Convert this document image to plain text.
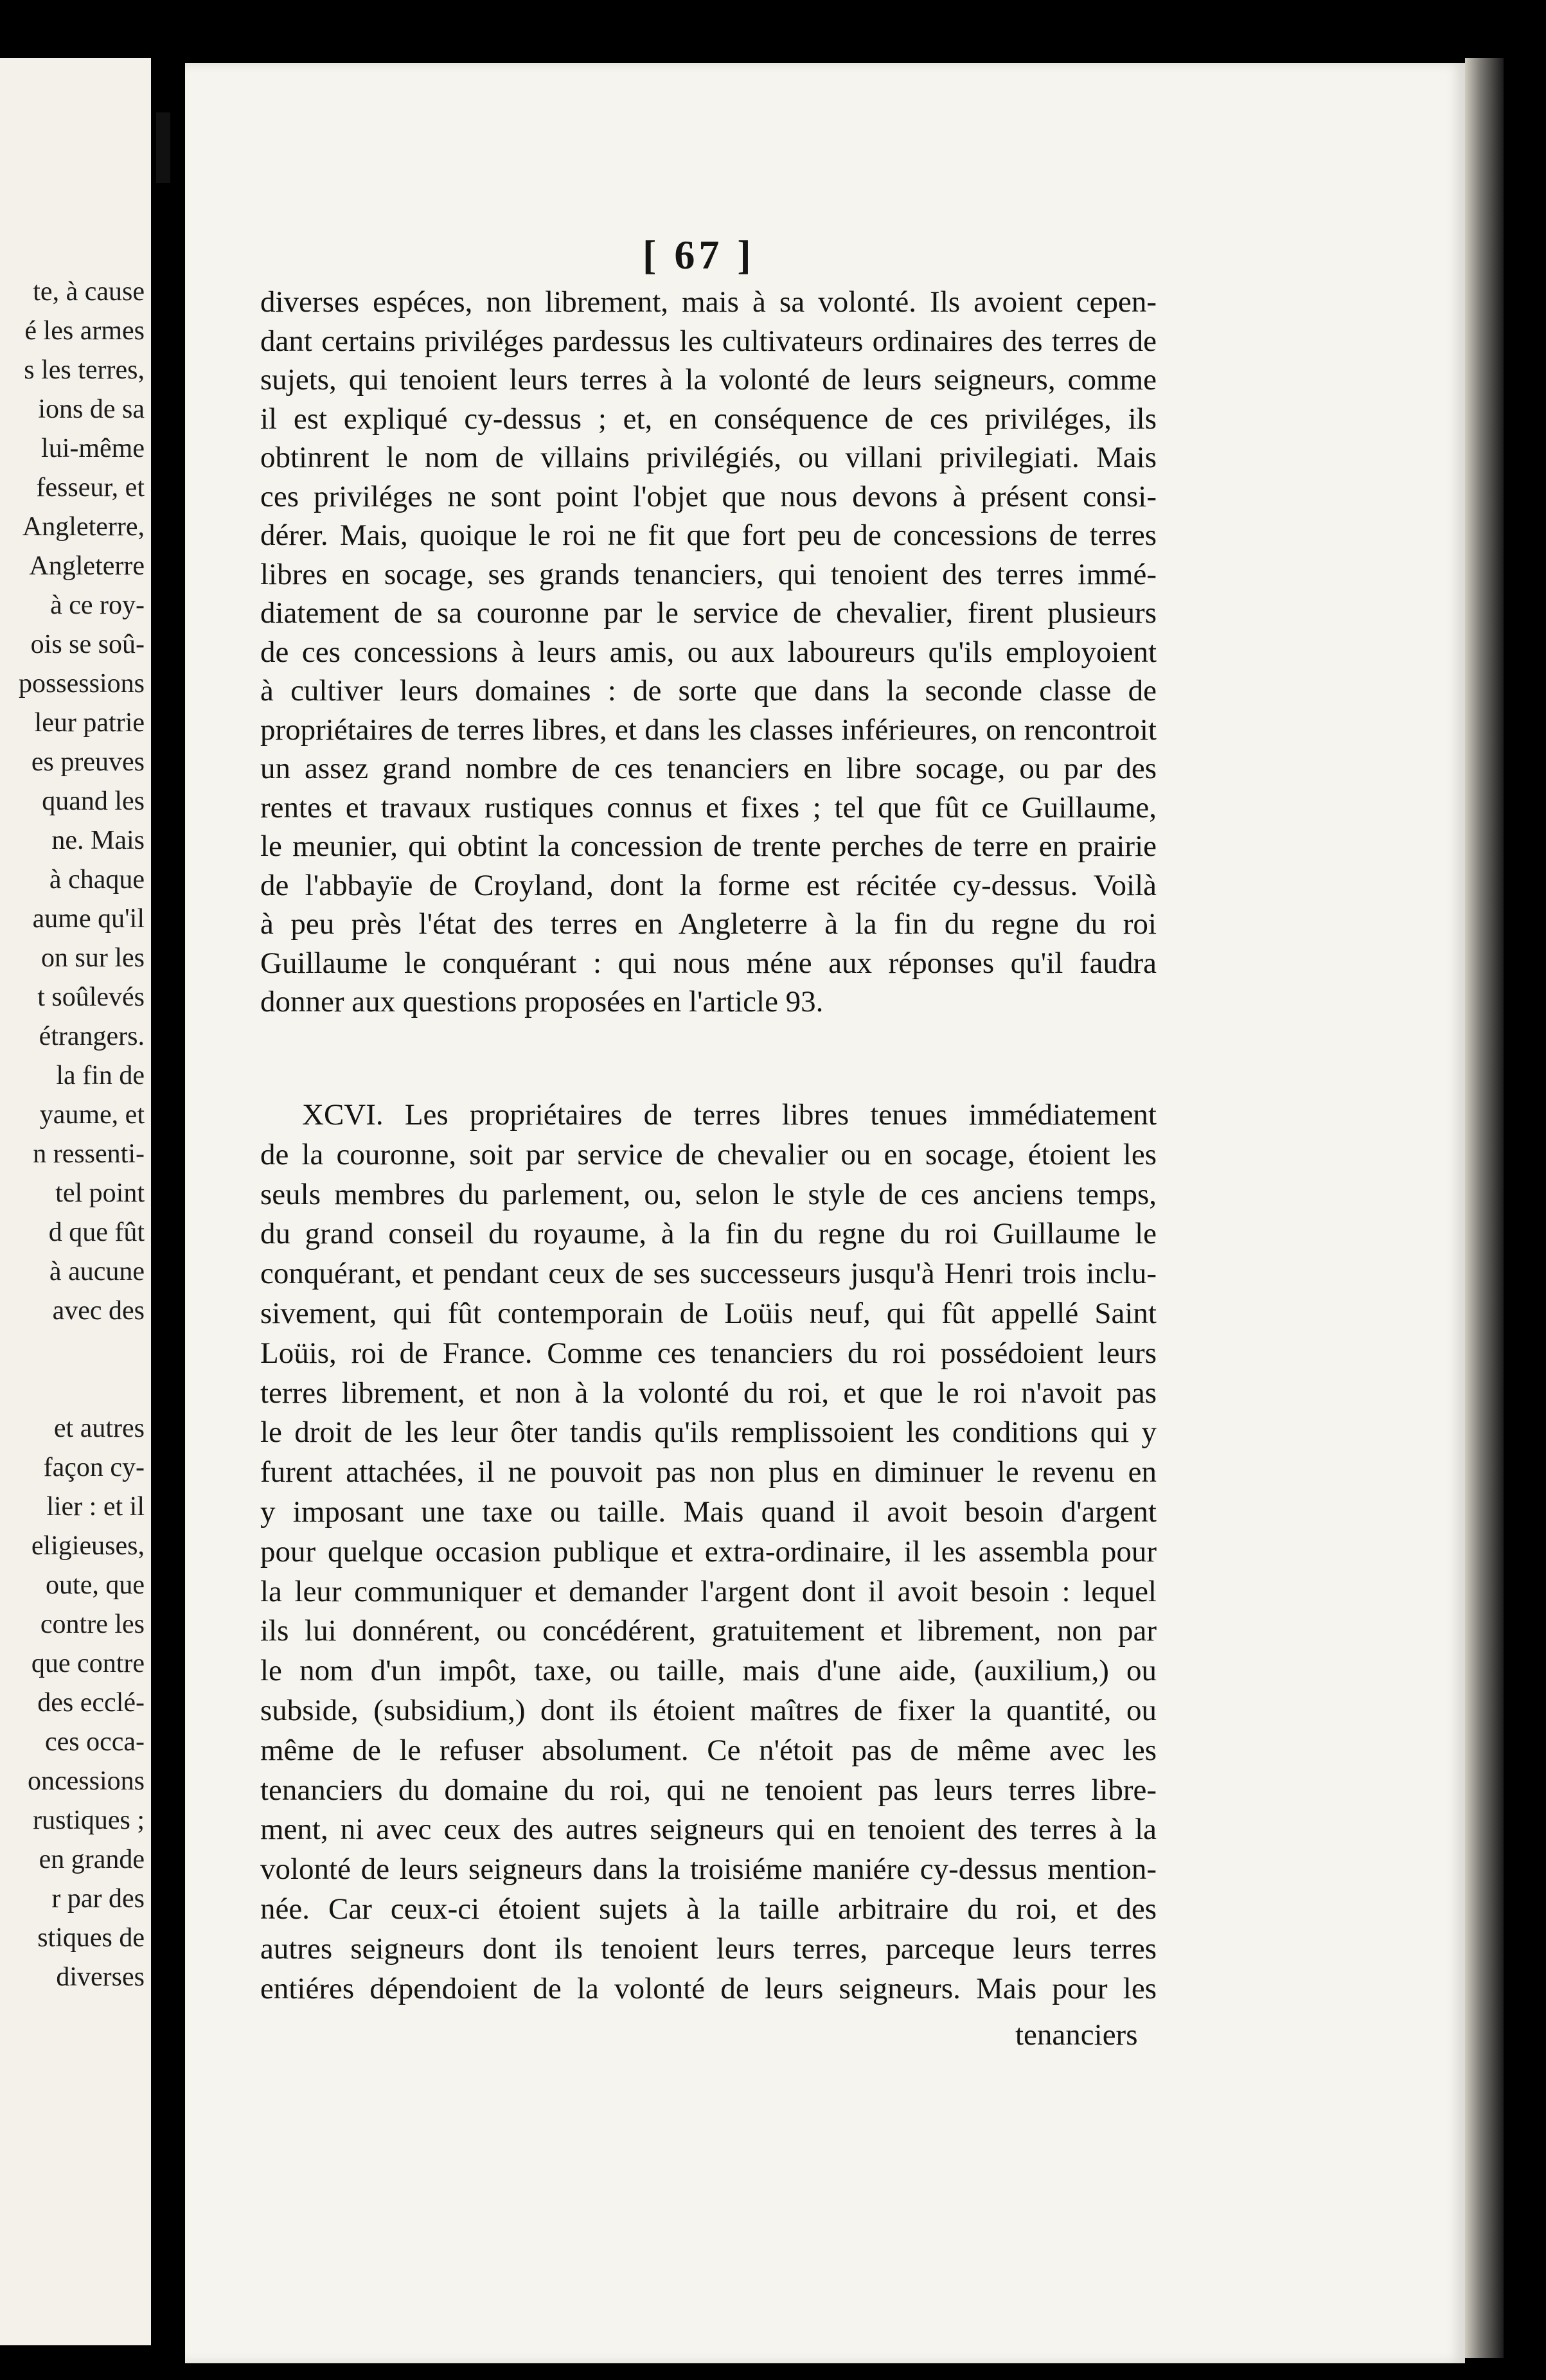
te, à cause
é les armes
s les terres,
ions de sa
lui-même
fesseur, et
Angleterre,
Angleterre
à ce roy-
ois se soû-
possessions
leur patrie
es preuves
quand les
ne. Mais
à chaque
aume qu'il
on sur les
t soûlevés
étrangers.
la fin de
yaume, et
n ressenti-
tel point
d que fût
à aucune
avec des
et autres
façon cy-
lier : et il
eligieuses,
oute, que
contre les
que contre
des ecclé-
ces occa-
oncessions
rustiques ;
en grande
r par des
stiques de
diverses
[ 67 ]
diverses espéces, non librement, mais à sa volonté. Ils avoient cepen-
dant certains priviléges pardessus les cultivateurs ordinaires des terres de
sujets, qui tenoient leurs terres à la volonté de leurs seigneurs, comme
il est expliqué cy-dessus ; et, en conséquence de ces priviléges, ils
obtinrent le nom de villains privilégiés, ou villani privilegiati. Mais
ces priviléges ne sont point l'objet que nous devons à présent consi-
dérer. Mais, quoique le roi ne fit que fort peu de concessions de terres
libres en socage, ses grands tenanciers, qui tenoient des terres immé-
diatement de sa couronne par le service de chevalier, firent plusieurs
de ces concessions à leurs amis, ou aux laboureurs qu'ils employoient
à cultiver leurs domaines : de sorte que dans la seconde classe de
propriétaires de terres libres, et dans les classes inférieures, on rencontroit
un assez grand nombre de ces tenanciers en libre socage, ou par des
rentes et travaux rustiques connus et fixes ; tel que fût ce Guillaume,
le meunier, qui obtint la concession de trente perches de terre en prairie
de l'abbayïe de Croyland, dont la forme est récitée cy-dessus. Voilà
à peu près l'état des terres en Angleterre à la fin du regne du roi
Guillaume le conquérant : qui nous méne aux réponses qu'il faudra
donner aux questions proposées en l'article 93.
XCVI. Les propriétaires de terres libres tenues immédiatement
de la couronne, soit par service de chevalier ou en socage, étoient les
seuls membres du parlement, ou, selon le style de ces anciens temps,
du grand conseil du royaume, à la fin du regne du roi Guillaume le
conquérant, et pendant ceux de ses successeurs jusqu'à Henri trois inclu-
sivement, qui fût contemporain de Loüis neuf, qui fût appellé Saint
Loüis, roi de France. Comme ces tenanciers du roi possédoient leurs
terres librement, et non à la volonté du roi, et que le roi n'avoit pas
le droit de les leur ôter tandis qu'ils remplissoient les conditions qui y
furent attachées, il ne pouvoit pas non plus en diminuer le revenu en
y imposant une taxe ou taille. Mais quand il avoit besoin d'argent
pour quelque occasion publique et extra-ordinaire, il les assembla pour
la leur communiquer et demander l'argent dont il avoit besoin : lequel
ils lui donnérent, ou concédérent, gratuitement et librement, non par
le nom d'un impôt, taxe, ou taille, mais d'une aide, (auxilium,) ou
subside, (subsidium,) dont ils étoient maîtres de fixer la quantité, ou
même de le refuser absolument. Ce n'étoit pas de même avec les
tenanciers du domaine du roi, qui ne tenoient pas leurs terres libre-
ment, ni avec ceux des autres seigneurs qui en tenoient des terres à la
volonté de leurs seigneurs dans la troisiéme maniére cy-dessus mention-
née. Car ceux-ci étoient sujets à la taille arbitraire du roi, et des
autres seigneurs dont ils tenoient leurs terres, parceque leurs terres
entiéres dépendoient de la volonté de leurs seigneurs. Mais pour les
tenanciers
